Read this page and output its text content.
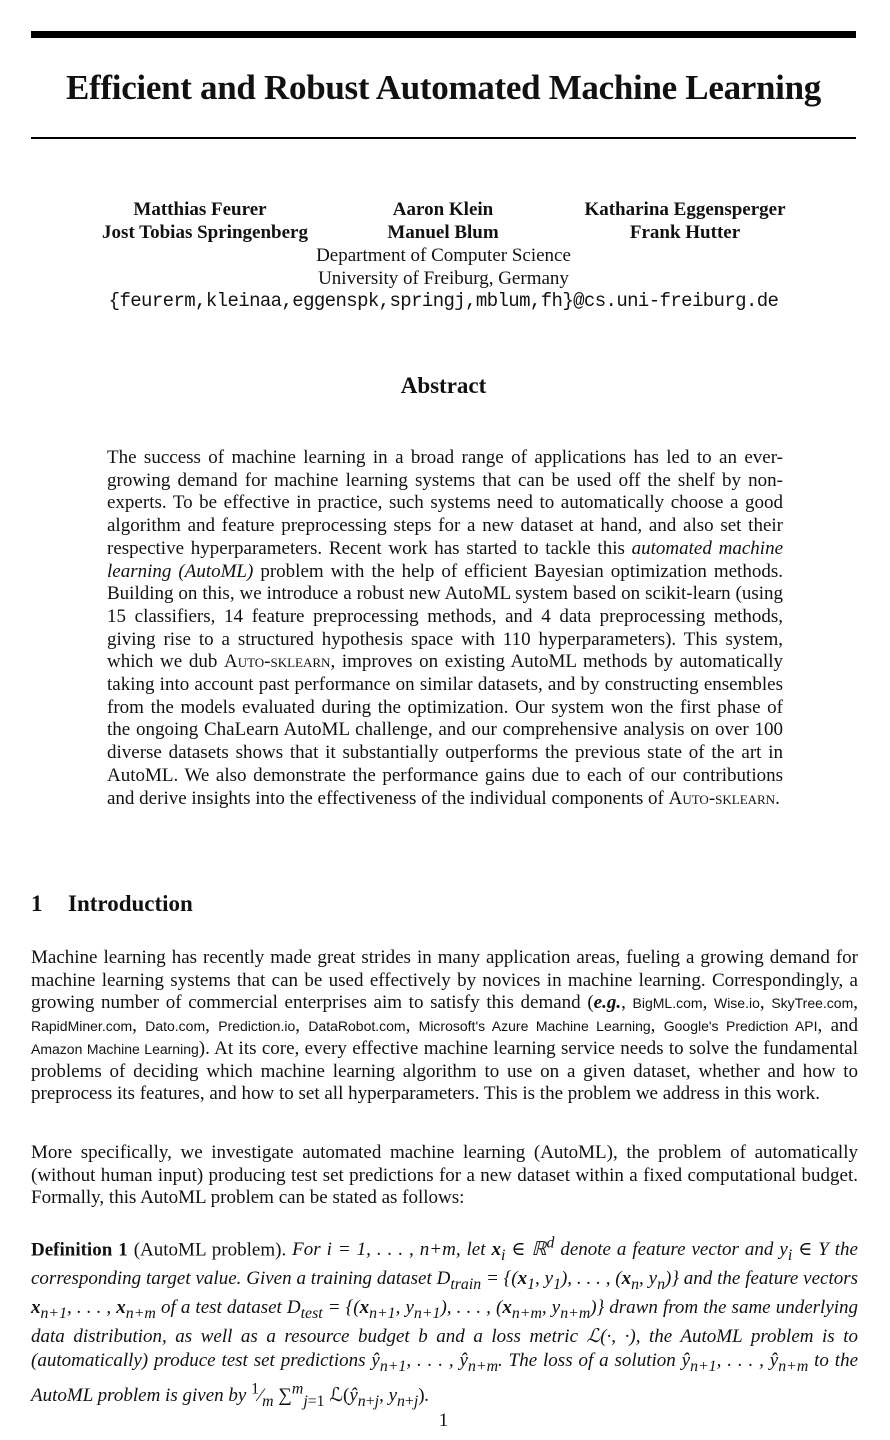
Efficient and Robust Automated Machine Learning
Matthias Feurer	Aaron Klein	Katharina Eggensperger
Jost Tobias Springenberg	Manuel Blum	Frank Hutter
Department of Computer Science
University of Freiburg, Germany
{feurerm,kleinaa,eggenspk,springj,mblum,fh}@cs.uni-freiburg.de
Abstract
The success of machine learning in a broad range of applications has led to an ever-growing demand for machine learning systems that can be used off the shelf by non-experts. To be effective in practice, such systems need to automatically choose a good algorithm and feature preprocessing steps for a new dataset at hand, and also set their respective hyperparameters. Recent work has started to tackle this automated machine learning (AutoML) problem with the help of efficient Bayesian optimization methods. Building on this, we introduce a robust new AutoML system based on scikit-learn (using 15 classifiers, 14 feature preprocessing methods, and 4 data preprocessing methods, giving rise to a structured hypothesis space with 110 hyperparameters). This system, which we dub Auto-sklearn, improves on existing AutoML methods by automatically taking into account past performance on similar datasets, and by constructing ensembles from the models evaluated during the optimization. Our system won the first phase of the ongoing ChaLearn AutoML challenge, and our comprehensive analysis on over 100 diverse datasets shows that it substantially outperforms the previous state of the art in AutoML. We also demonstrate the performance gains due to each of our contributions and derive insights into the effectiveness of the individual components of Auto-sklearn.
1 Introduction
Machine learning has recently made great strides in many application areas, fueling a growing demand for machine learning systems that can be used effectively by novices in machine learning. Correspondingly, a growing number of commercial enterprises aim to satisfy this demand (e.g., BigML.com, Wise.io, SkyTree.com, RapidMiner.com, Dato.com, Prediction.io, DataRobot.com, Microsoft's Azure Machine Learning, Google's Prediction API, and Amazon Machine Learning). At its core, every effective machine learning service needs to solve the fundamental problems of deciding which machine learning algorithm to use on a given dataset, whether and how to preprocess its features, and how to set all hyperparameters. This is the problem we address in this work.
More specifically, we investigate automated machine learning (AutoML), the problem of automatically (without human input) producing test set predictions for a new dataset within a fixed computational budget. Formally, this AutoML problem can be stated as follows:
Definition 1 (AutoML problem). For i = 1, . . . , n+m, let $x_i$ ∈ ℝ$^d$ denote a feature vector and $y_i$ ∈ Y the corresponding target value. Given a training dataset $D_{train} = \{(x_1$, $y_1$), . . . , ($x_n$, $y_n$)} and the feature vectors $x_{n+1}$, . . . , $x_{n+m}$ of a test dataset $D_{test} = \{(x_{n+1}$, $y_{n+1}$), . . . , ($x_{n+m}$, $y_{n+m}$)} drawn from the same underlying data distribution, as well as a resource budget b and a loss metric ℒ(·, ·), the AutoML problem is to (automatically) produce test set predictions $ŷ_{n+1}$, . . . , $ŷ_{n+m}$. The loss of a solution $ŷ_{n+1}$, . . . , $ŷ_{n+m}$ to the AutoML problem is given by $^1⁄_m$ ∑$^m_{j=1}$ $ℒ(ŷ_{n+j}$, $y_{n+j}$).
1
